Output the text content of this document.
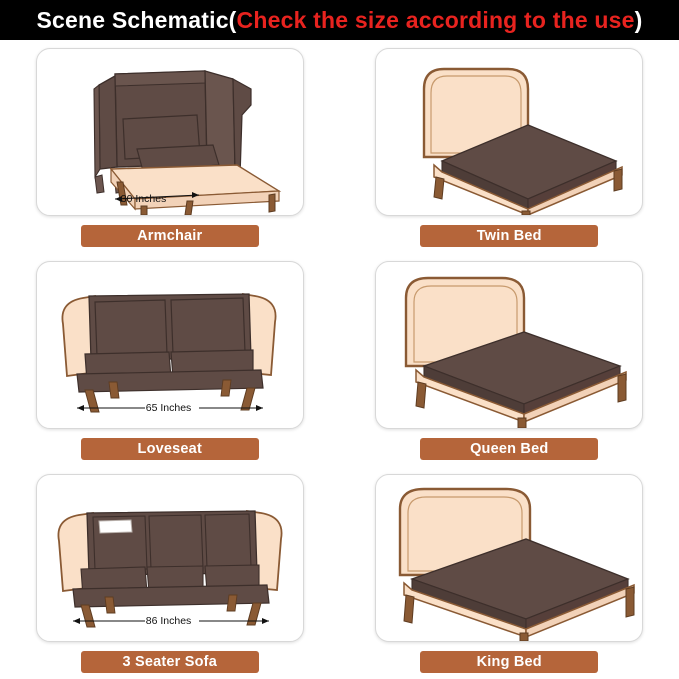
Scene Schematic(Check the size according to the use)
30 Inches
Armchair	Twin Bed
65 Inches
Loveseat	Queen Bed
86 Inches
3 Seater Sofa	King Bed
